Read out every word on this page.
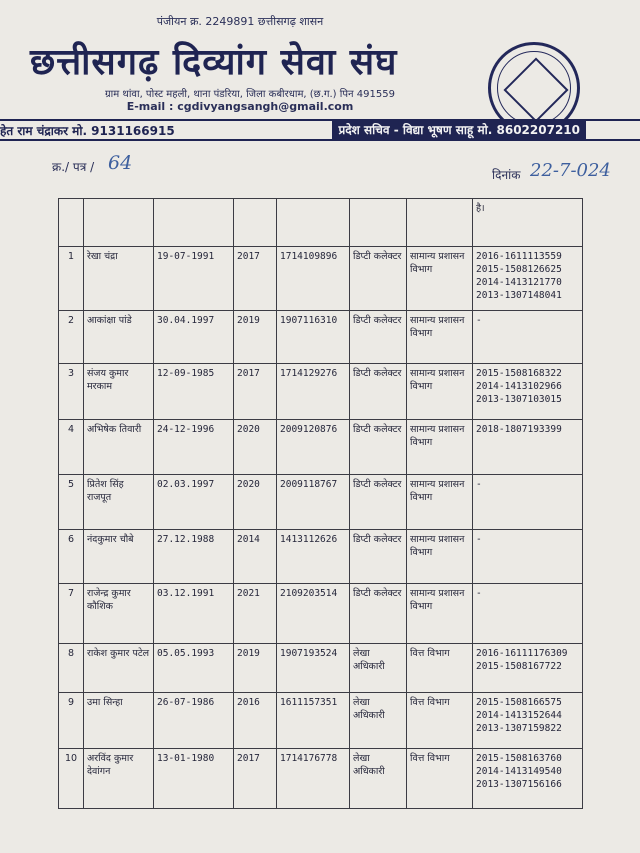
पंजीयन क्र. 2249891 छत्तीसगढ़ शासन
छत्तीसगढ़ दिव्यांग सेवा संघ
ग्राम थांवा, पोस्ट महली, थाना पंडरिया, जिला कबीरधाम, (छ.ग.) पिन 491559
E-mail : cgdivyangsangh@gmail.com
हेत राम चंद्राकर मो. 9131166915	प्रदेश सचिव - विद्या भूषण साहू मो. 8602207210
क्र./ पत्र / 64
दिनांक 22-7-024
							है।
1	रेखा चंद्रा	19-07-1991	2017	1714109896	डिप्टी कलेक्टर	सामान्य प्रशासन विभाग	2016-1611113559
2015-1508126625
2014-1413121770
2013-1307148041

2	आकांक्षा पांडे	30.04.1997	2019	1907116310	डिप्टी कलेक्टर	सामान्य प्रशासन विभाग	-

3	संजय कुमार मरकाम	12-09-1985	2017	1714129276	डिप्टी कलेक्टर	सामान्य प्रशासन विभाग	2015-1508168322
2014-1413102966
2013-1307103015

4	अभिषेक तिवारी	24-12-1996	2020	2009120876	डिप्टी कलेक्टर	सामान्य प्रशासन विभाग	2018-1807193399

5	प्रितेश सिंह राजपूत	02.03.1997	2020	2009118767	डिप्टी कलेक्टर	सामान्य प्रशासन विभाग	-

6	नंदकुमार चौबे	27.12.1988	2014	1413112626	डिप्टी कलेक्टर	सामान्य प्रशासन विभाग	-

7	राजेन्द्र कुमार कौशिक	03.12.1991	2021	2109203514	डिप्टी कलेक्टर	सामान्य प्रशासन विभाग	-

8	राकेश कुमार पटेल	05.05.1993	2019	1907193524	लेखा अधिकारी	वित्त विभाग	2016-16111176309
2015-1508167722

9	उमा सिन्हा	26-07-1986	2016	1611157351	लेखा अधिकारी	वित्त विभाग	2015-1508166575
2014-1413152644
2013-1307159822

10	अरविंद कुमार देवांगन	13-01-1980	2017	1714176778	लेखा अधिकारी	वित्त विभाग	2015-1508163760
2014-1413149540
2013-1307156166
